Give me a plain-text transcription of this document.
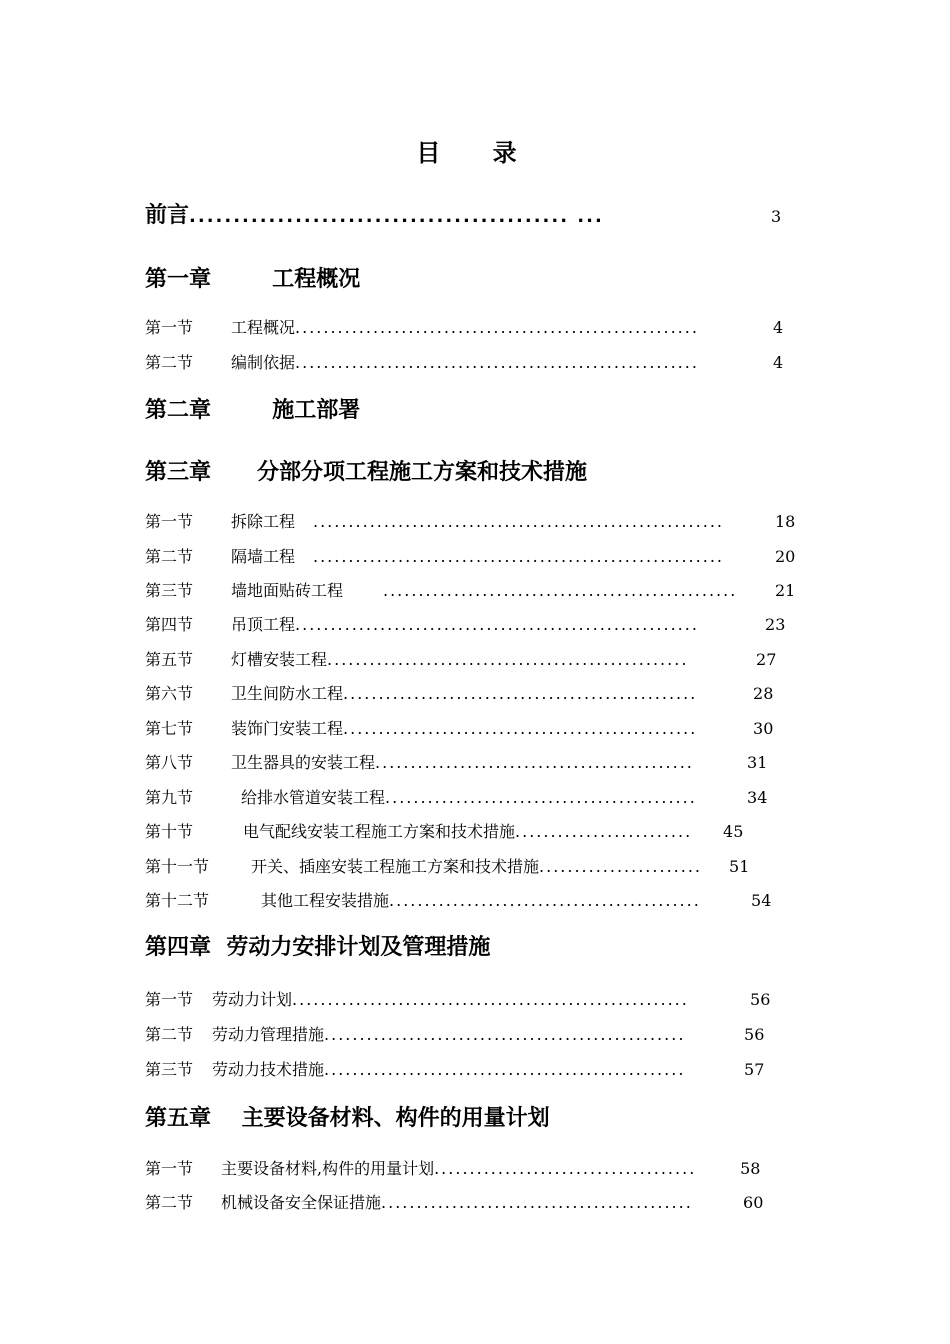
目 录
前言 ........................................... ...	3
第一章        工程概况
第一节	工程概况 .........................................................	4
第二节	编制依据 .........................................................	4
第二章        施工部署
第三章      分部分项工程施工方案和技术措施
第一节	拆除工程	..........................................................	18
第二节	隔墙工程	..........................................................	20
第三节	墙地面贴砖工程	..................................................	21
第四节	吊顶工程 .........................................................	23
第五节	灯槽安装工程 ...................................................	27
第六节	卫生间防水工程 ..................................................	28
第七节	装饰门安装工程 ..................................................	30
第八节	卫生器具的安装工程 .............................................	31
第九节	给排水管道安装工程 ............................................	34
第十节	电气配线安装工程施工方案和技术措施 .........................	45
第十一节	开关、插座安装工程施工方案和技术措施 .......................	51
第十二节	其他工程安装措施 ............................................	54
第四章  劳动力安排计划及管理措施
第一节	劳动力计划 ........................................................	56
第二节	劳动力管理措施 ...................................................	56
第三节	劳动力技术措施 ...................................................	57
第五章    主要设备材料、构件的用量计划
第一节	主要设备材料,构件的用量计划 .....................................	58
第二节	机械设备安全保证措施 ............................................	60
